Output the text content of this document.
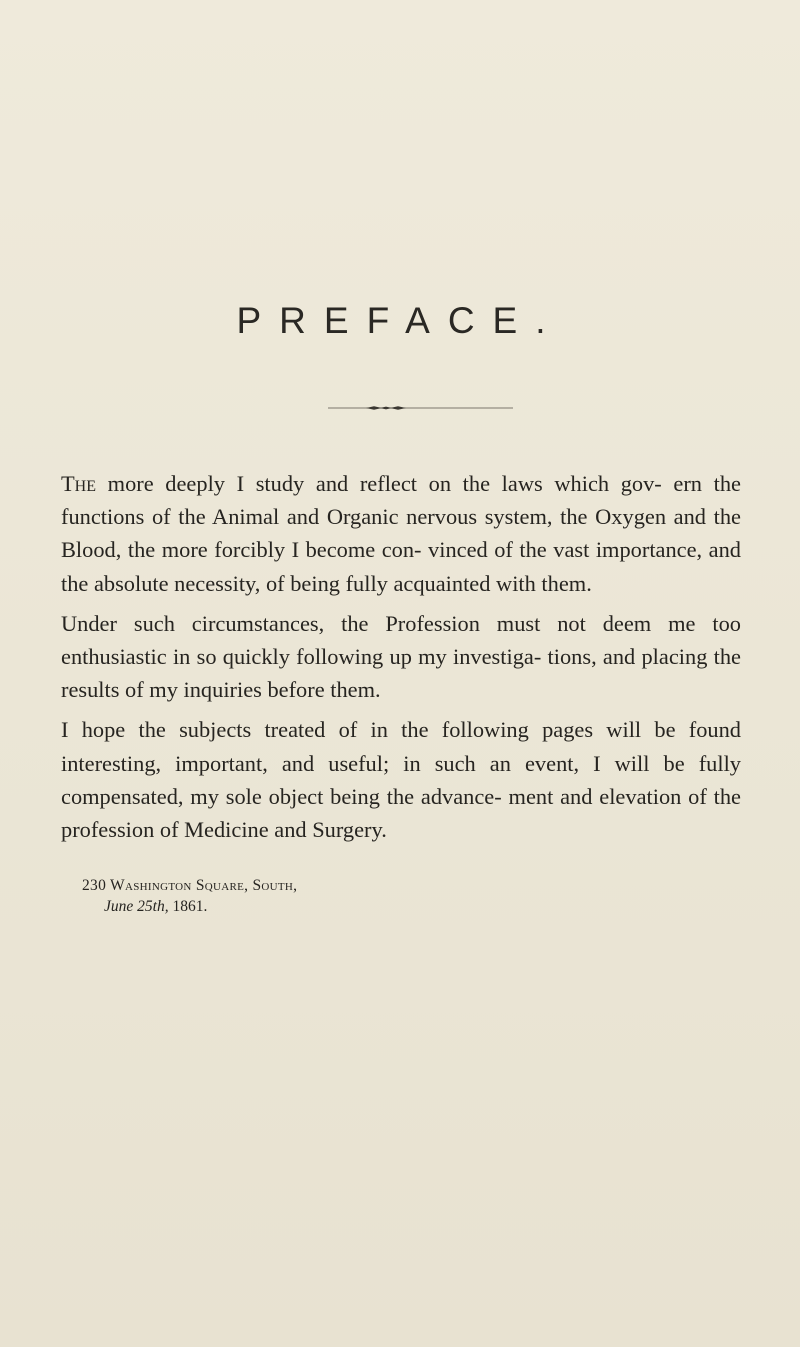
PREFACE.

The more deeply I study and reflect on the laws which gov- ern the functions of the Animal and Organic nervous system, the Oxygen and the Blood, the more forcibly I become con- vinced of the vast importance, and the absolute necessity, of being fully acquainted with them.

Under such circumstances, the Profession must not deem me too enthusiastic in so quickly following up my investiga- tions, and placing the results of my inquiries before them.

I hope the subjects treated of in the following pages will be found interesting, important, and useful; in such an event, I will be fully compensated, my sole object being the advance- ment and elevation of the profession of Medicine and Surgery.

230 Washington Square, South,
June 25th, 1861.
